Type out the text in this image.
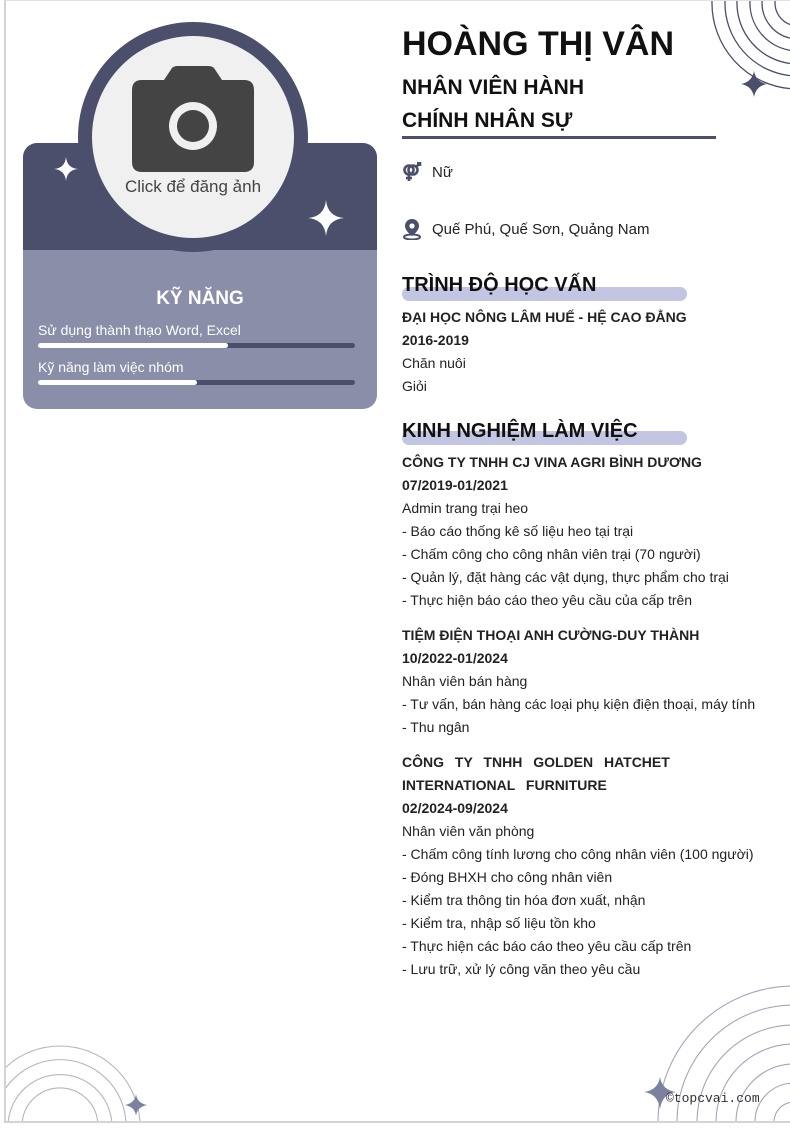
Click để đăng ảnh
KỸ NĂNG
Sử dụng thành thạo Word, Excel
Kỹ năng làm việc nhóm
HOÀNG THỊ VÂN
NHÂN VIÊN HÀNH
CHÍNH NHÂN SỰ
Nữ
Quế Phú, Quế Sơn, Quảng Nam
TRÌNH ĐỘ HỌC VẤN
ĐẠI HỌC NÔNG LÂM HUẾ - HỆ CAO ĐẲNG
2016-2019
Chăn nuôi
Giỏi
KINH NGHIỆM LÀM VIỆC
CÔNG TY TNHH CJ VINA AGRI BÌNH DƯƠNG
07/2019-01/2021
Admin trang trại heo
- Báo cáo thống kê số liệu heo tại trại
- Chấm công cho công nhân viên trại (70 người)
- Quản lý, đặt hàng các vật dụng, thực phẩm cho trại
- Thực hiện báo cáo theo yêu cầu của cấp trên
TIỆM ĐIỆN THOẠI ANH CƯỜNG-DUY THÀNH
10/2022-01/2024
Nhân viên bán hàng
- Tư vấn, bán hàng các loại phụ kiện điện thoại, máy tính
- Thu ngân
CÔNG TY TNHH GOLDEN HATCHET INTERNATIONAL FURNITURE
02/2024-09/2024
Nhân viên văn phòng
- Chấm công tính lương cho công nhân viên (100 người)
- Đóng BHXH cho công nhân viên
- Kiểm tra thông tin hóa đơn xuất, nhận
- Kiểm tra, nhập số liệu tồn kho
- Thực hiện các báo cáo theo yêu cầu cấp trên
- Lưu trữ, xử lý công văn theo yêu cầu
©topcvai.com
